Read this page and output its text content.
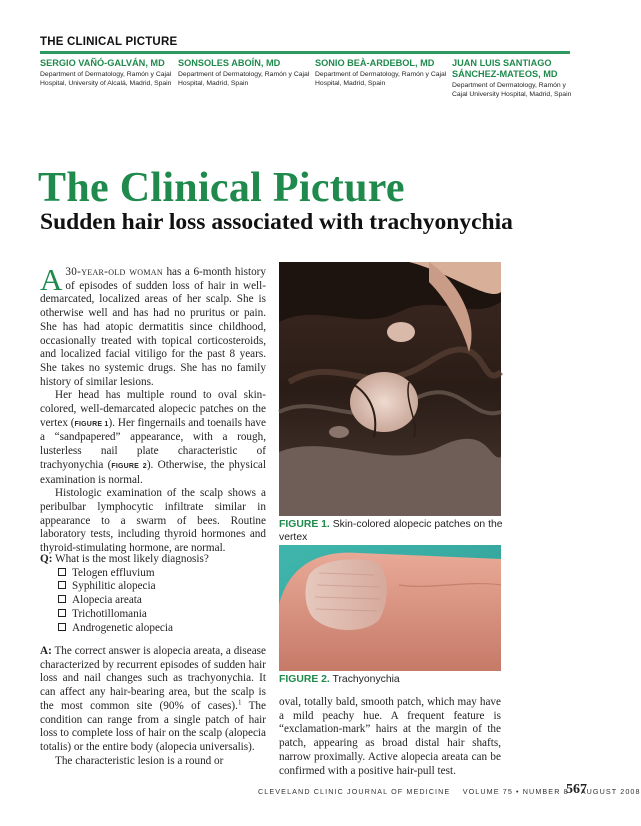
THE CLINICAL PICTURE
SERGIO VAÑÓ-GALVÁN, MD
Department of Dermatology, Ramón y Cajal Hospital, University of Alcalá, Madrid, Spain
SONSOLES ABOÍN, MD
Department of Dermatology, Ramón y Cajal Hospital, Madrid, Spain
SONIO BEÀ-ARDEBOL, MD
Department of Dermatology, Ramón y Cajal Hospital, Madrid, Spain
JUAN LUIS SANTIAGO SÁNCHEZ-MATEOS, MD
Department of Dermatology, Ramón y Cajal University Hospital, Madrid, Spain
The Clinical Picture
Sudden hair loss associated with trachyonychia

A 30-year-old woman has a 6-month history of episodes of sudden loss of hair in well-demarcated, localized areas of her scalp. She is otherwise well and has had no pruritus or pain. She has had atopic dermatitis since childhood, occasionally treated with topical corticosteroids, and localized facial vitiligo for the past 8 years. She takes no systemic drugs. She has no family history of similar lesions.

Her head has multiple round to oval skin-colored, well-demarcated alopecic patches on the vertex (FIGURE 1). Her fingernails and toenails have a “sandpapered” appearance, with a rough, lusterless nail plate characteristic of trachyonychia (FIGURE 2). Otherwise, the physical examination is normal.

Histologic examination of the scalp shows a peribulbar lymphocytic infiltrate similar in appearance to a swarm of bees. Routine laboratory tests, including thyroid hormones and thyroid-stimulating hormone, are normal.

Q: What is the most likely diagnosis?
Telogen effluvium
Syphilitic alopecia
Alopecia areata
Trichotillomania
Androgenetic alopecia

A: The correct answer is alopecia areata, a disease characterized by recurrent episodes of sudden hair loss and nail changes such as trachyonychia. It can affect any hair-bearing area, but the scalp is the most common site (90% of cases).$^1$ The condition can range from a single patch of hair loss to complete loss of hair on the scalp (alopecia totalis) or the entire body (alopecia universalis).

The characteristic lesion is a round or

oval, totally bald, smooth patch, which may have a mild peachy hue. A frequent feature is “exclamation-mark” hairs at the margin of the patch, appearing as broad distal hair shafts, narrow proximally. Active alopecia areata can be confirmed with a positive hair-pull test.
FIGURE 1. Skin-colored alopecic patches on the vertex
FIGURE 2. Trachyonychia
CLEVELAND CLINIC JOURNAL OF MEDICINE VOLUME 75 • NUMBER 8 AUGUST 2008
567
